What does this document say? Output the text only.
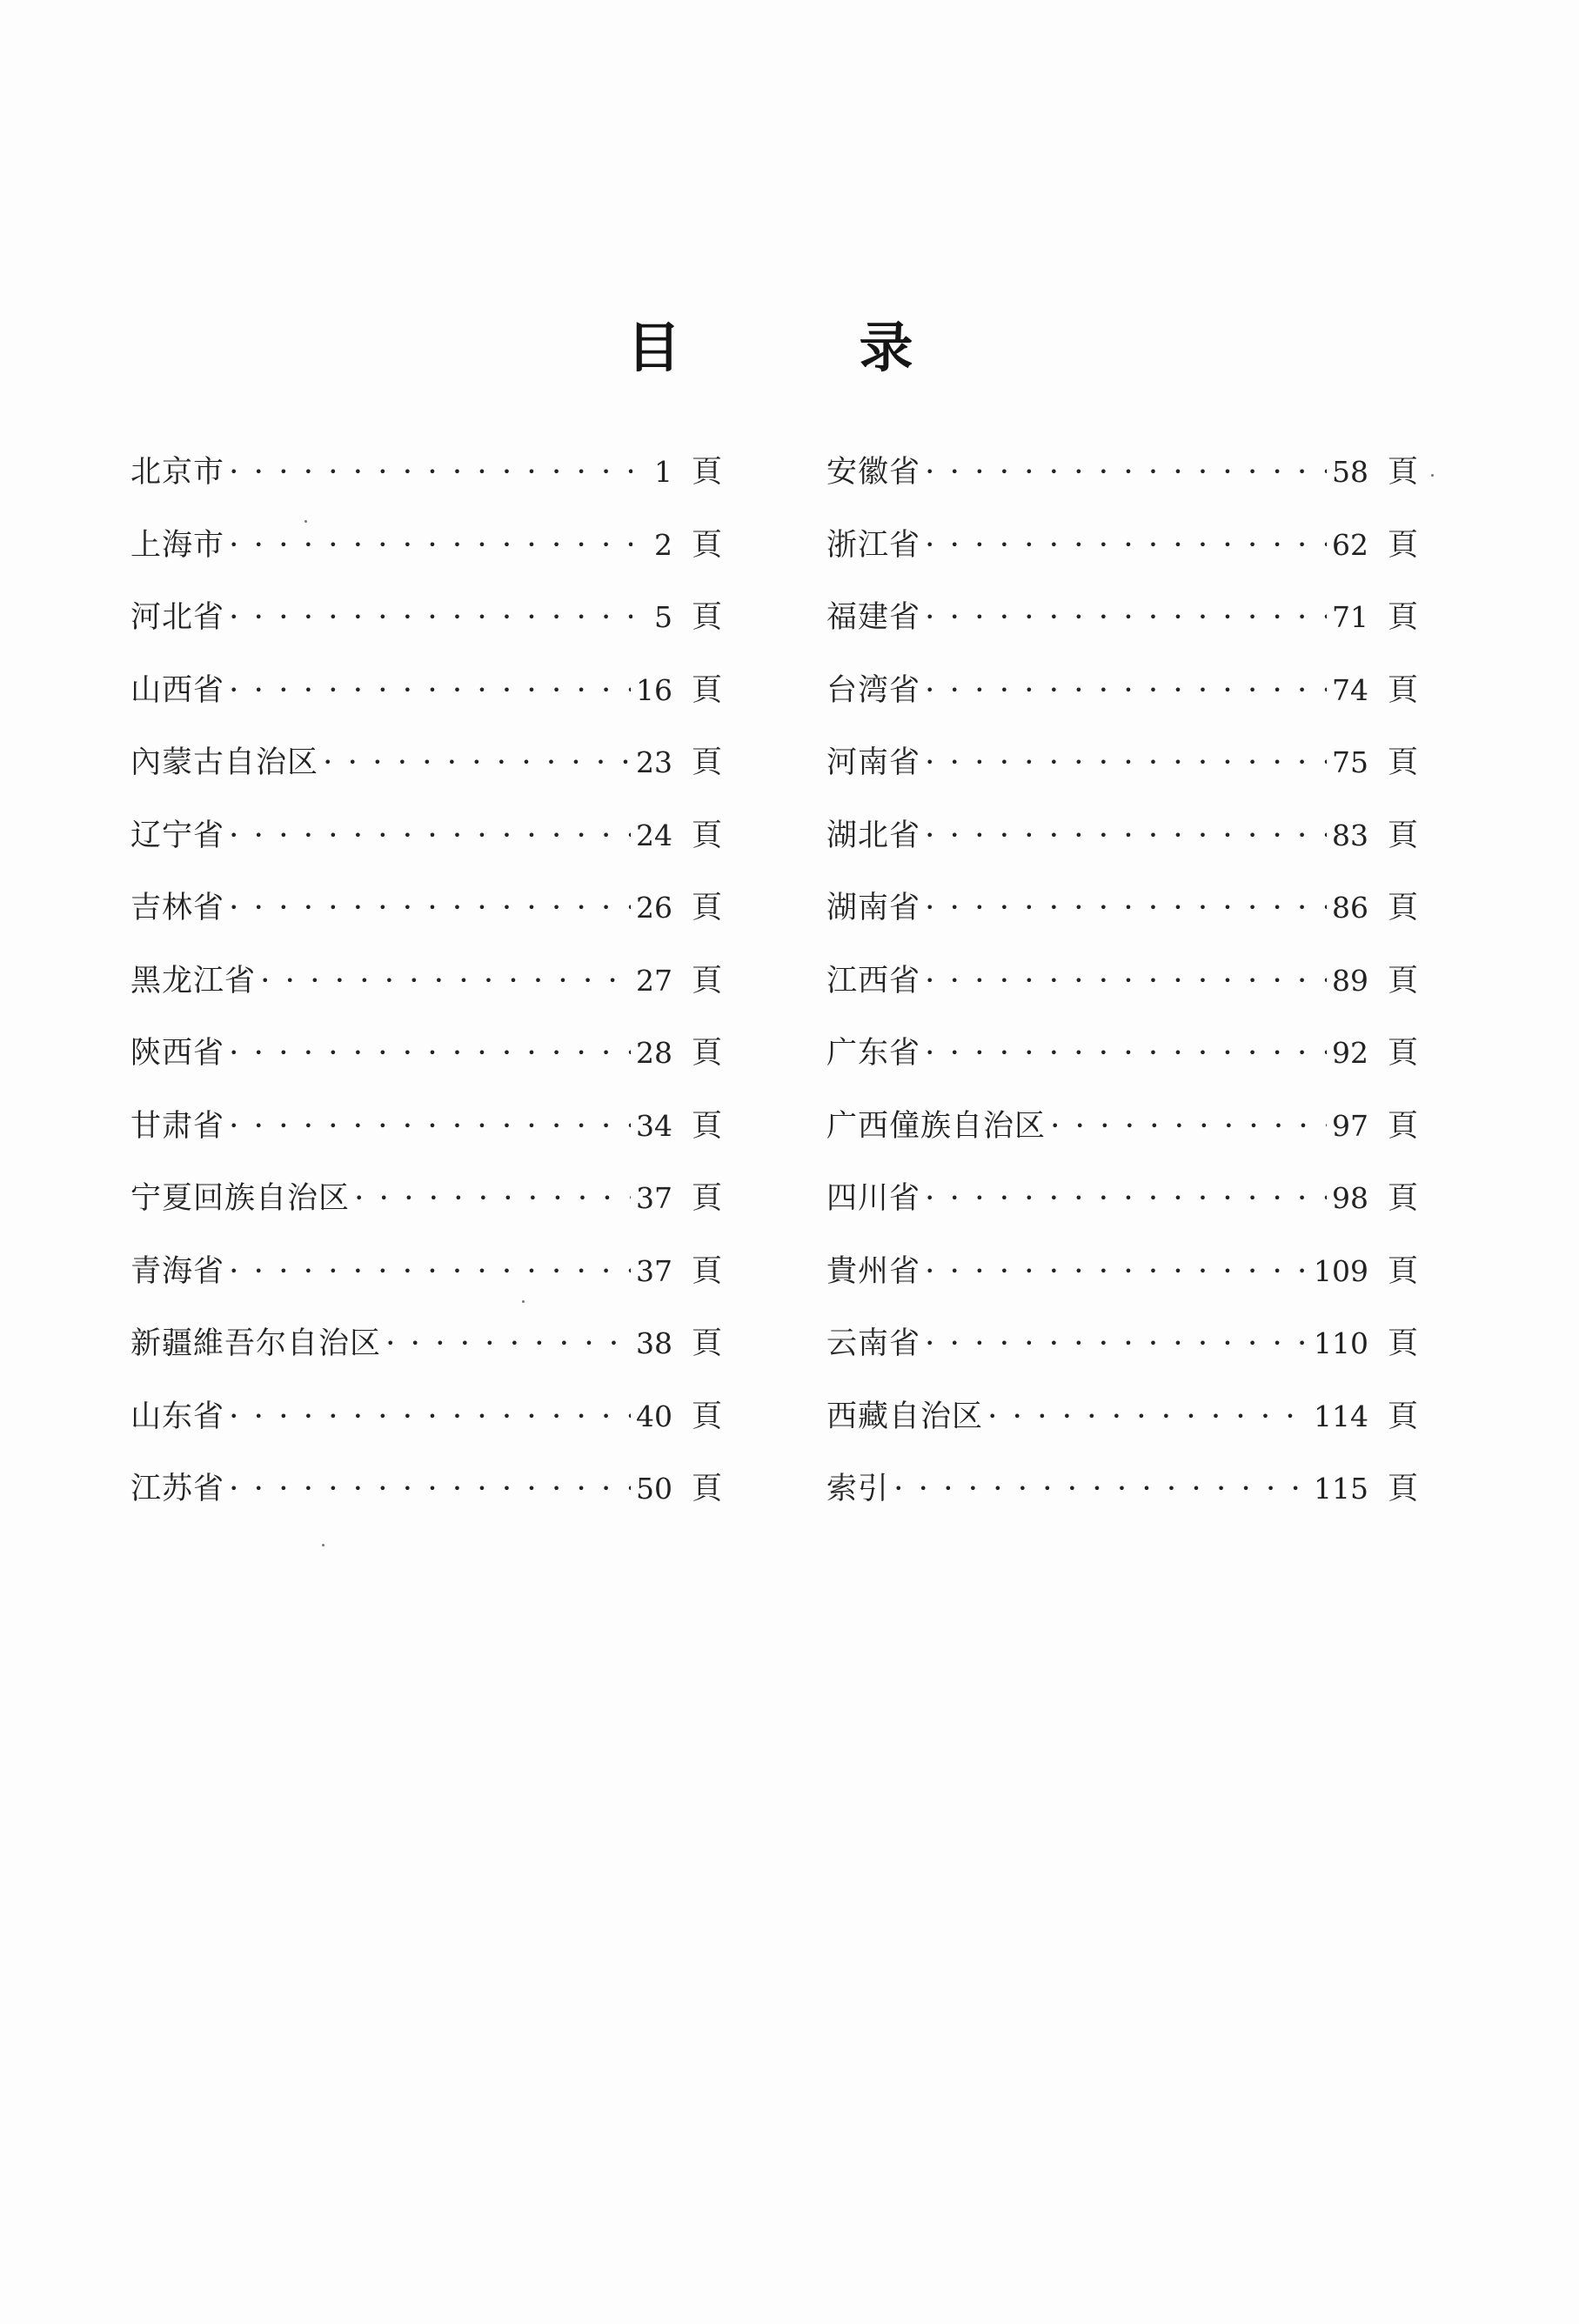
目	录
北京市 • • •	1 頁
上海市 • • •	2 頁
河北省 • • •	5 頁
山西省 • • •	16 頁
內蒙古自治区 • • •	23 頁
辽宁省 • • •	24 頁
吉林省 • • •	26 頁
黑龙江省 • • •	27 頁
陝西省 • • •	28 頁
甘肃省 • • •	34 頁
宁夏回族自治区 • • •	37 頁
青海省 • • •	37 頁
新疆維吾尔自治区 • • •	38 頁
山东省 • • •	40 頁
江苏省 • • •	50 頁
安徽省 • • •	58 頁
浙江省 • • •	62 頁
福建省 • • •	71 頁
台湾省 • • •	74 頁
河南省 • • •	75 頁
湖北省 • • •	83 頁
湖南省 • • •	86 頁
江西省 • • •	89 頁
广东省 • • •	92 頁
广西僮族自治区 • • •	97 頁
四川省 • • •	98 頁
貴州省 • • •	109 頁
云南省 • • •	110 頁
西藏自治区 • • •	114 頁
索引 • • •	115 頁
